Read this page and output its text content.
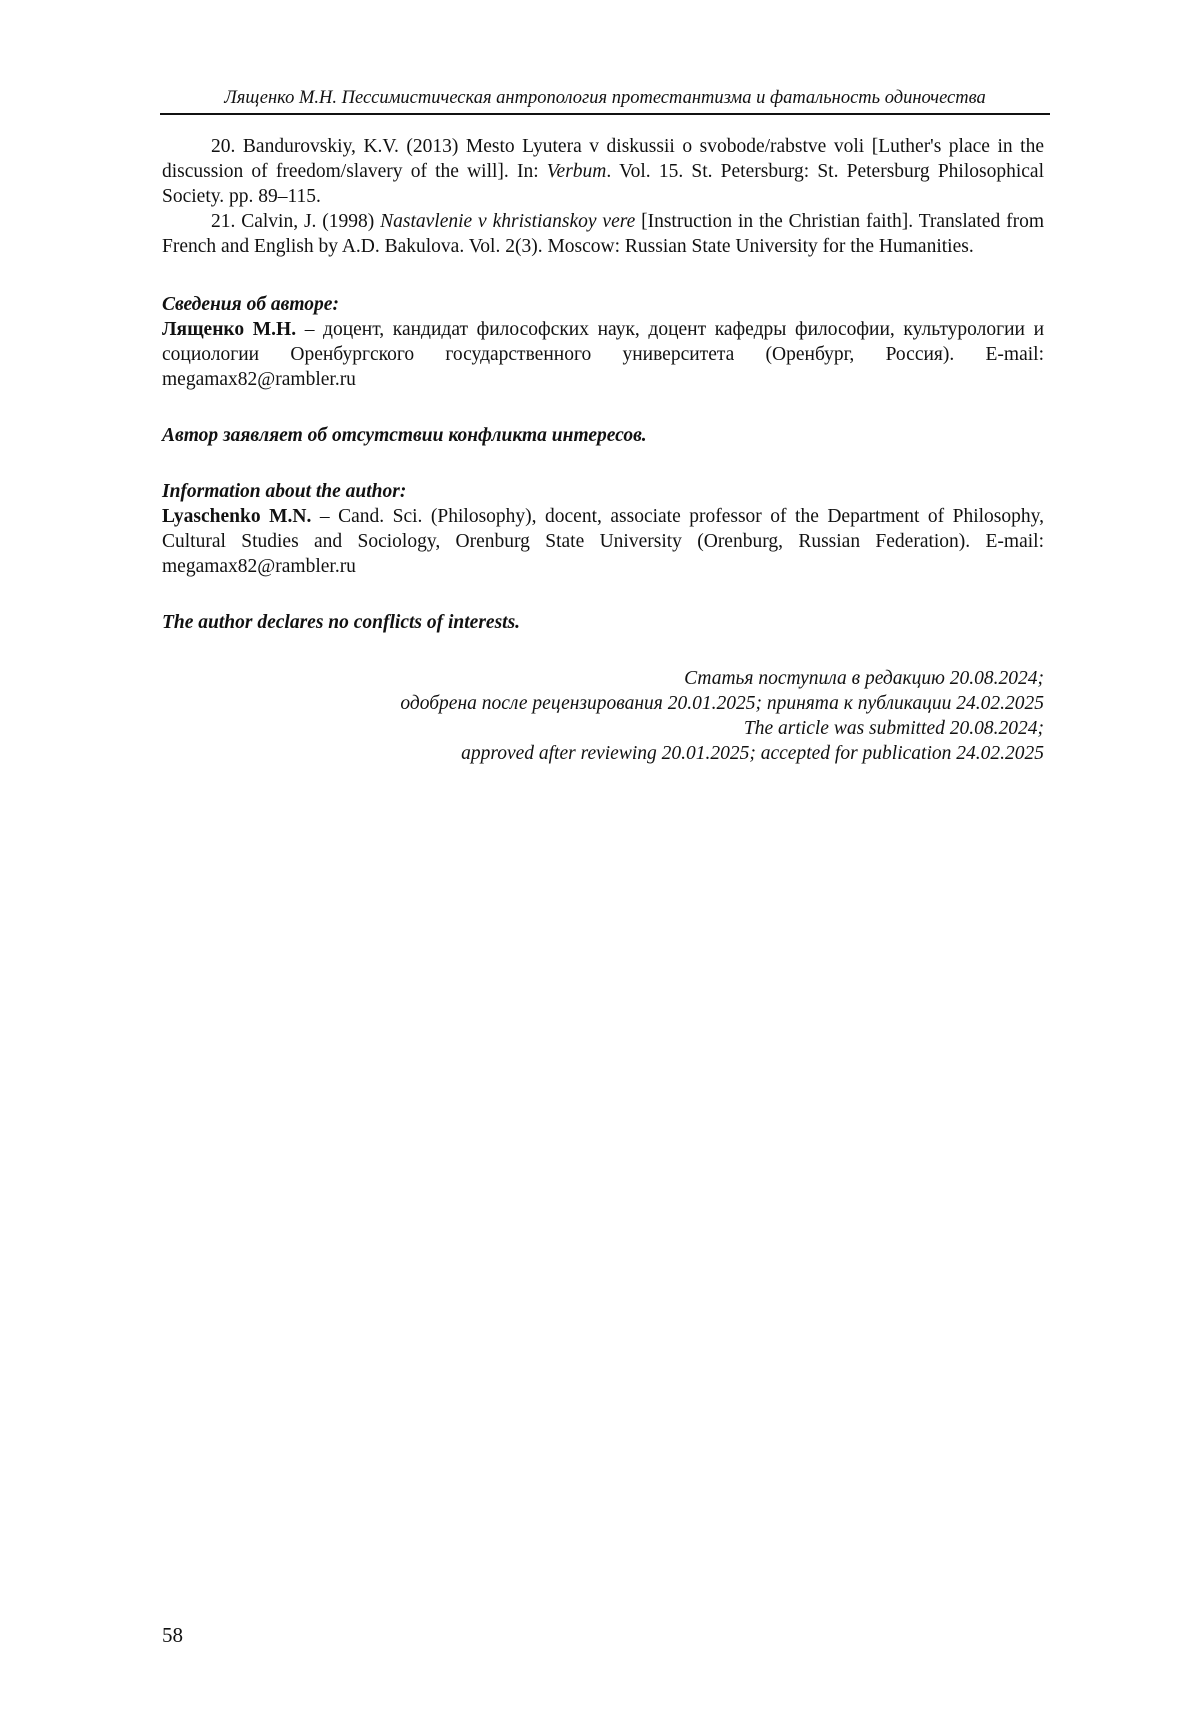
Лященко М.Н. Пессимистическая антропология протестантизма и фатальность одиночества

20. Bandurovskiy, K.V. (2013) Mesto Lyutera v diskussii o svobode/rabstve voli [Luther's place in the discussion of freedom/slavery of the will]. In: Verbum. Vol. 15. St. Petersburg: St. Petersburg Philosophical Society. pp. 89–115.

21. Calvin, J. (1998) Nastavlenie v khristianskoy vere [Instruction in the Christian faith]. Translated from French and English by A.D. Bakulova. Vol. 2(3). Moscow: Russian State University for the Humanities.

Сведения об авторе:

Лященко М.Н. – доцент, кандидат философских наук, доцент кафедры философии, культурологии и социологии Оренбургского государственного университета (Оренбург, Россия). E-mail: megamax82@rambler.ru

Автор заявляет об отсутствии конфликта интересов.

Information about the author:

Lyaschenko M.N. – Cand. Sci. (Philosophy), docent, associate professor of the Department of Philosophy, Cultural Studies and Sociology, Orenburg State University (Orenburg, Russian Federation). E-mail: megamax82@rambler.ru

The author declares no conflicts of interests.

Статья поступила в редакцию 20.08.2024;
одобрена после рецензирования 20.01.2025; принята к публикации 24.02.2025
The article was submitted 20.08.2024;
approved after reviewing 20.01.2025; accepted for publication 24.02.2025

58
